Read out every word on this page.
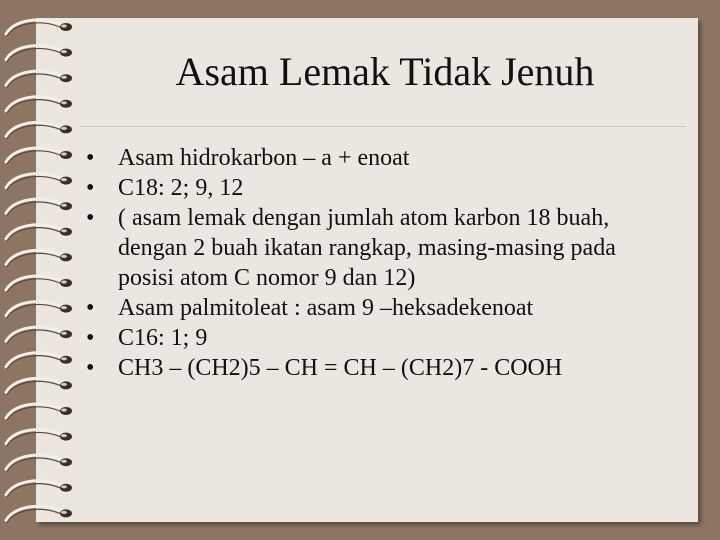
Asam Lemak Tidak Jenuh
• Asam hidrokarbon – a + enoat
• C18: 2; 9, 12
• ( asam lemak dengan jumlah atom karbon 18 buah, dengan 2 buah ikatan rangkap, masing-masing pada posisi atom C nomor 9 dan 12)
• Asam palmitoleat : asam 9 –heksadekenoat
• C16: 1; 9
• CH3 – (CH2)5 – CH = CH – (CH2)7 - COOH
